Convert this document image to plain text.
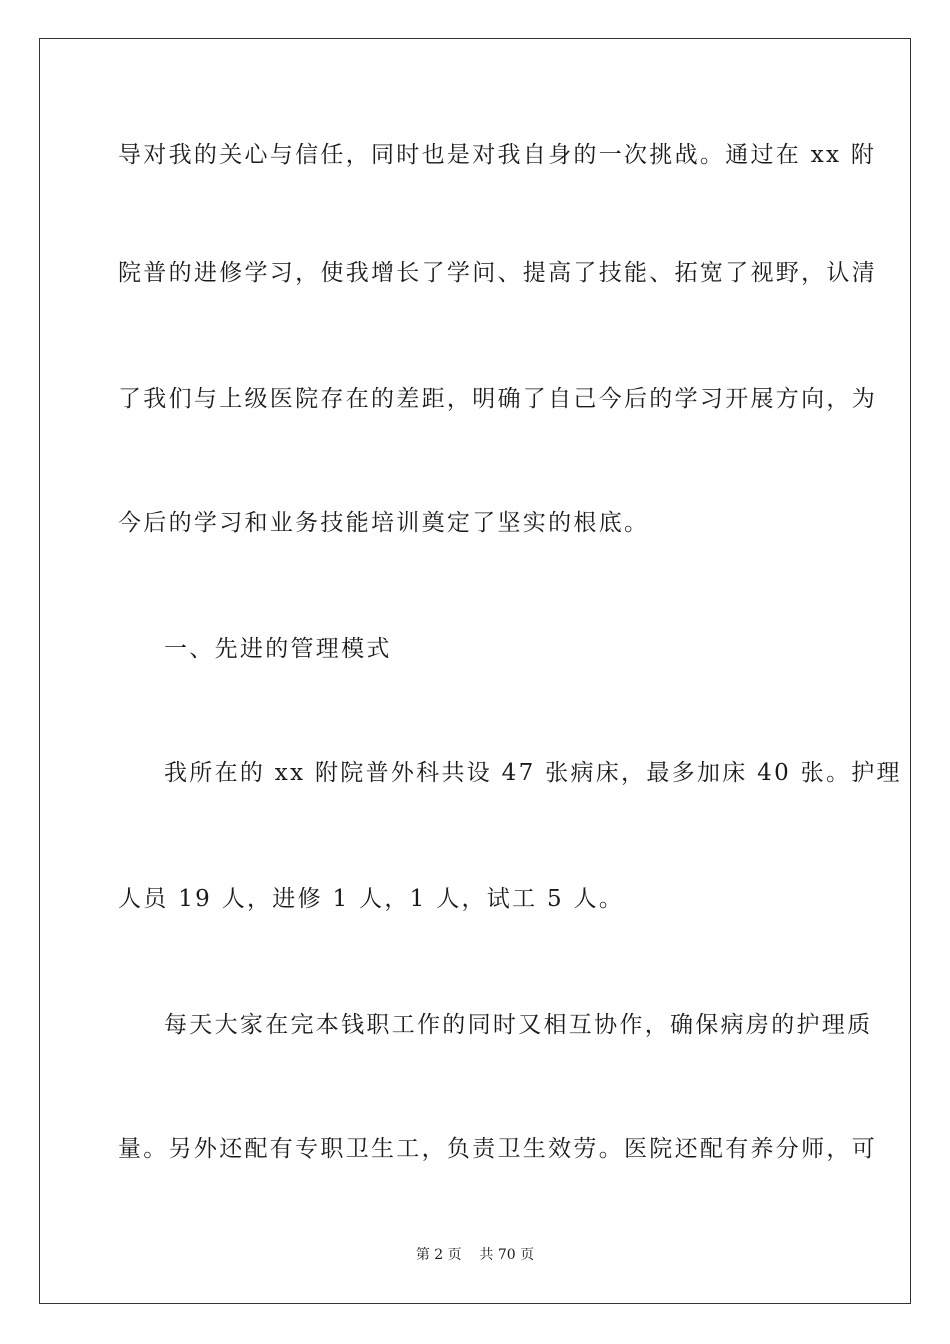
导对我的关心与信任，同时也是对我自身的一次挑战。通过在 xx 附
院普的进修学习，使我增长了学问、提高了技能、拓宽了视野，认清
了我们与上级医院存在的差距，明确了自己今后的学习开展方向，为
今后的学习和业务技能培训奠定了坚实的根底。
一、先进的管理模式
我所在的 xx 附院普外科共设 47 张病床，最多加床 40 张。护理
人员 19 人，进修 1 人，1 人，试工 5 人。
每天大家在完本钱职工作的同时又相互协作，确保病房的护理质
量。另外还配有专职卫生工，负责卫生效劳。医院还配有养分师，可
第 2 页    共 70 页
